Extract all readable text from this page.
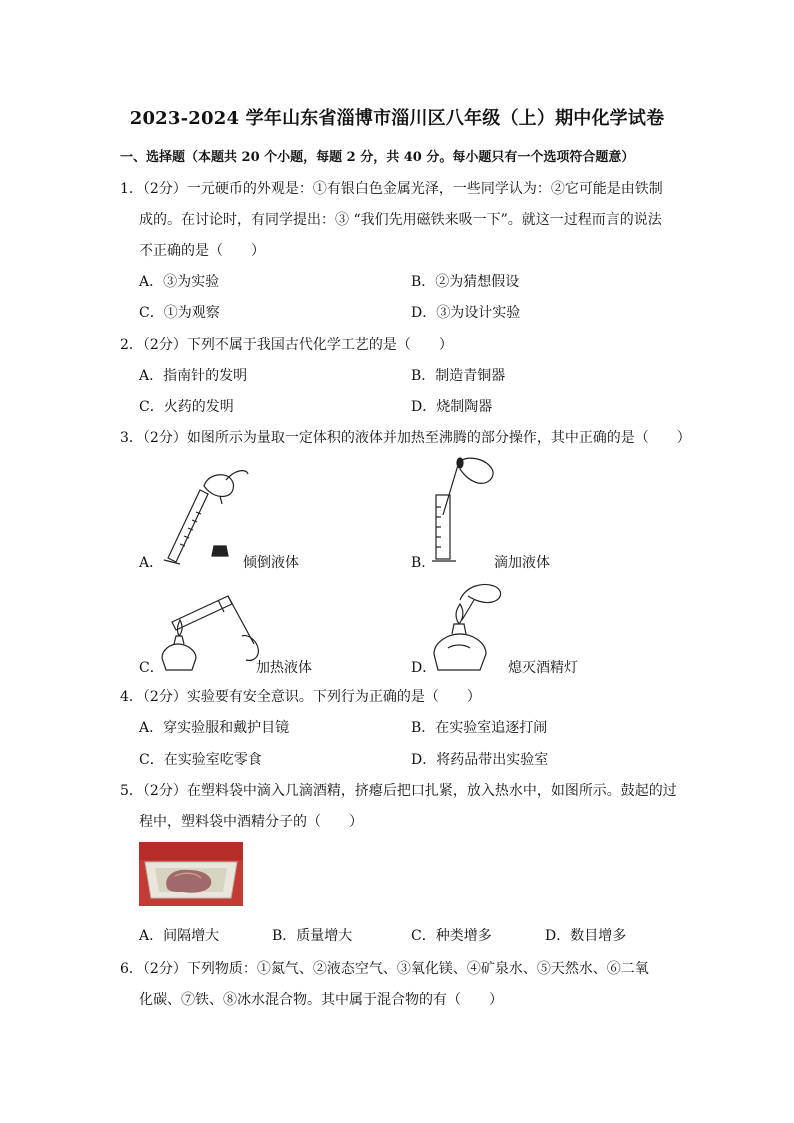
2023-2024 学年山东省淄博市淄川区八年级（上）期中化学试卷
一、选择题（本题共 20 个小题，每题 2 分，共 40 分。每小题只有一个选项符合题意）
1．（2分）一元硬币的外观是：①有银白色金属光泽，一些同学认为：②它可能是由铁制
成的。在讨论时，有同学提出：③ “我们先用磁铁来吸一下”。就这一过程而言的说法
不正确的是（　　）
A．③为实验	B．②为猜想假设
C．①为观察	D．③为设计实验
2．（2分）下列不属于我国古代化学工艺的是（　　）
A．指南针的发明	B．制造青铜器
C．火药的发明	D．烧制陶器
3．（2分）如图所示为量取一定体积的液体并加热至沸腾的部分操作，其中正确的是（　　）
A．	倾倒液体	B．	滴加液体
C．	加热液体	D．	熄灭酒精灯
4．（2分）实验要有安全意识。下列行为正确的是（　　）
A．穿实验服和戴护目镜	B．在实验室追逐打闹
C．在实验室吃零食	D．将药品带出实验室
5．（2分）在塑料袋中滴入几滴酒精，挤瘪后把口扎紧，放入热水中，如图所示。鼓起的过
程中，塑料袋中酒精分子的（　　）
A．间隔增大	B．质量增大	C．种类增多	D．数目增多
6．（2分）下列物质：①氮气、②液态空气、③氧化镁、④矿泉水、⑤天然水、⑥二氧
化碳、⑦铁、⑧冰水混合物。其中属于混合物的有（　　）
